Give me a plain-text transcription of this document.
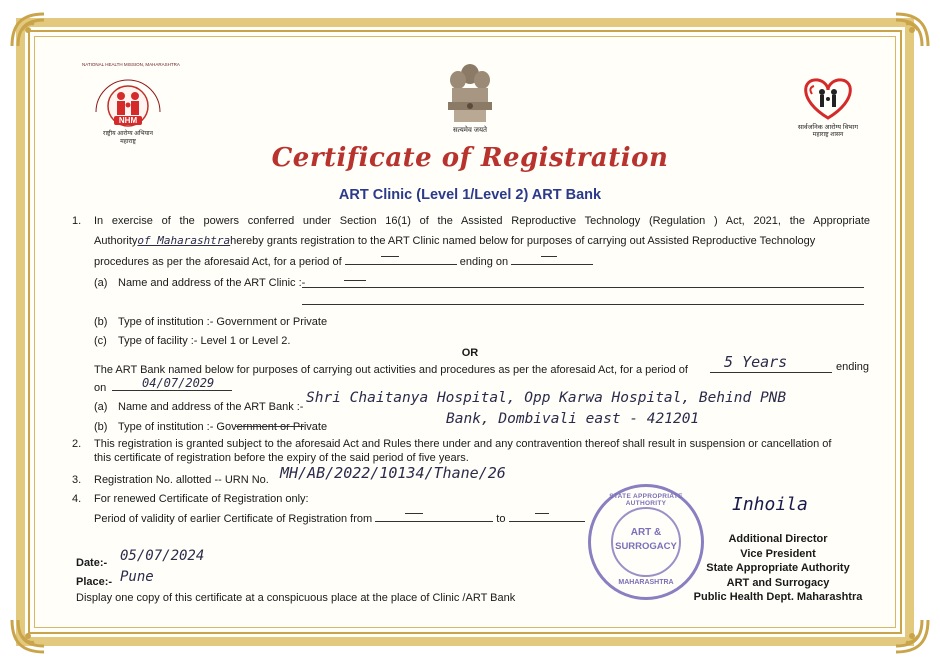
NHM
NATIONAL HEALTH MISSION, MAHARASHTRA
राष्ट्रीय आरोग्य अभियान
महाराष्ट्र
सत्यमेव जयते	सार्वजनिक आरोग्य विभाग
महाराष्ट्र शासन
Certificate of Registration
ART Clinic (Level 1/Level 2) ART Bank
1. In exercise of the powers conferred under Section 16(1) of the Assisted Reproductive Technology (Regulation ) Act, 2021, the Appropriate
Authorityof Maharashtrahereby grants registration to the ART Clinic named below for purposes of carrying out Assisted Reproductive Technology
procedures as per the aforesaid Act, for a period of	ending on
(a) Name and address of the ART Clinic :-
(b) Type of institution :- Government or Private
(c) Type of facility :- Level 1 or Level 2.
OR
The ART Bank named below for purposes of carrying out activities and procedures as per the aforesaid Act, for a period of 5 Years	ending
on	04/07/2029
(a) Name and address of the ART Bank :-
Shri Chaitanya Hospital, Opp Karwa Hospital, Behind PNB
Bank, Dombivali east - 421201
(b) Type of institution :- Government or Private
2. This registration is granted subject to the aforesaid Act and Rules there under and any contravention thereof shall result in suspension or cancellation of
this certificate of registration before the expiry of the said period of five years.
3. Registration No. allotted -- URN No. MH/AB/2022/10134/Thane/26
4. For renewed Certificate of Registration only:
Period of validity of earlier Certificate of Registration from	to
STATE APPROPRIATE AUTHORITY
ART &
SURROGACY
MAHARASHTRA
Inhoila
Additional Director
Vice President
State Appropriate Authority
ART and Surrogacy
Public Health Dept. Maharashtra
Date:- 05/07/2024
Place:- Pune
Display one copy of this certificate at a conspicuous place at the place of Clinic /ART Bank
